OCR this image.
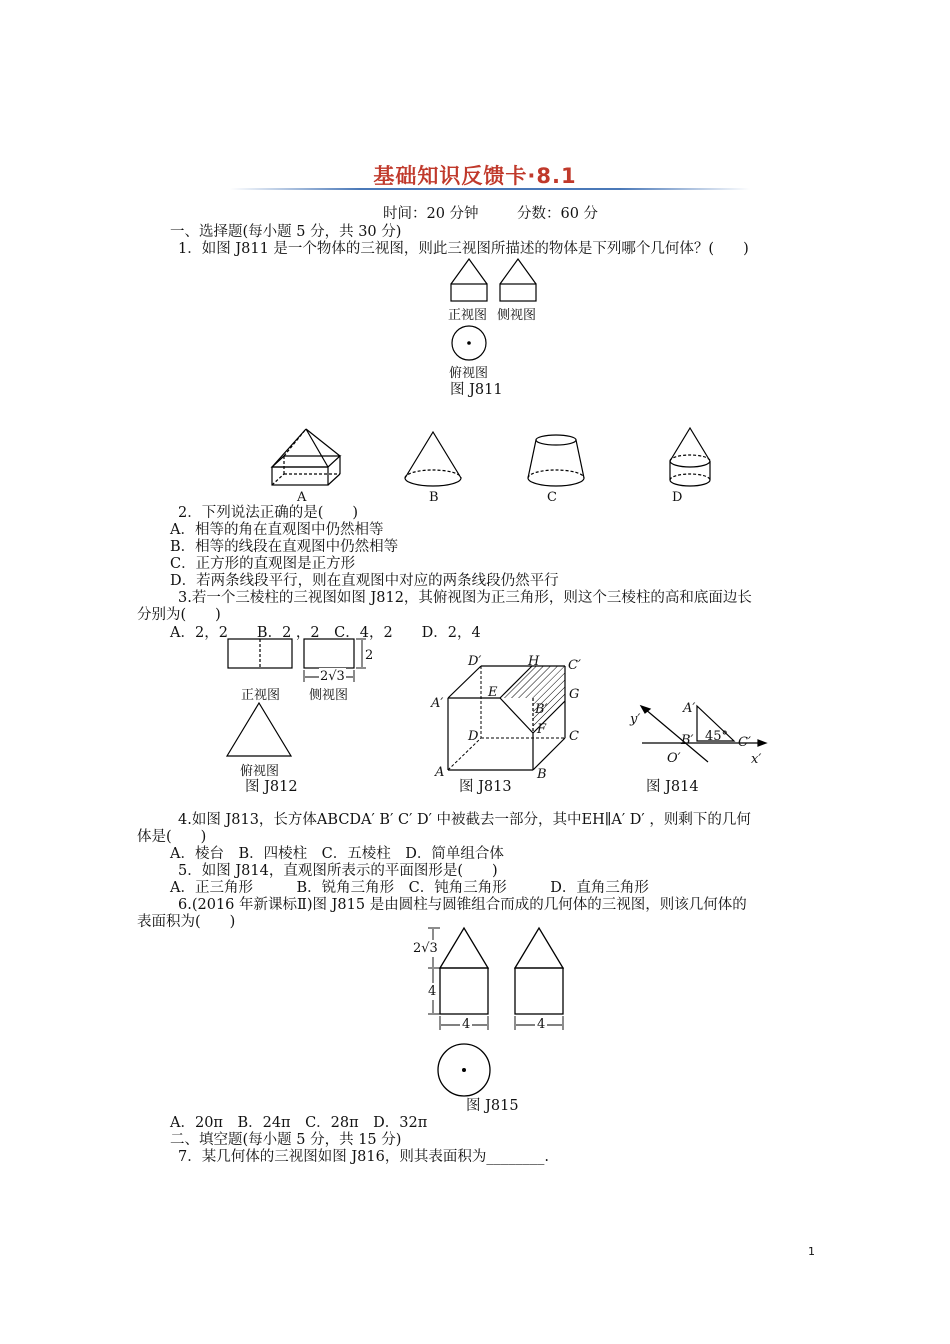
基础知识反馈卡·8.1
时间：20 分钟	分数：60 分
一、选择题(每小题 5 分，共 30 分)
1．如图 J811 是一个物体的三视图，则此三视图所描述的物体是下列哪个几何体？(　　)
正视图 侧视图
俯视图
图 J811
A	B	C	D
2．下列说法正确的是(　　)
A．相等的角在直观图中仍然相等
B．相等的线段在直观图中仍然相等
C．正方形的直观图是正方形
D．若两条线段平行，则在直观图中对应的两条线段仍然平行
3.若一个三棱柱的三视图如图 J812，其俯视图为正三角形，则这个三棱柱的高和底面边长
分别为(　　)
A．2，2　　B．2 ，2　C．4，2　　D．2，4
2
2√3
正视图 侧视图
俯视图
图 J812
D′	H C′
E	G
A′	B′
F
D	C
A	B
图 J813
y′
A′
B′ 45° C′
O′	x′
图 J814
4.如图 J813，长方体ABCDA′ B′ C′ D′ 中被截去一部分，其中EH∥A′ D′ ，则剩下的几何
体是(　　)
A．棱台　B．四棱柱　C．五棱柱　D．简单组合体
5．如图 J814，直观图所表示的平面图形是(　　)
A．正三角形　　　B．锐角三角形　C．钝角三角形　　　D．直角三角形
6.(2016 年新课标Ⅱ)图 J815 是由圆柱与圆锥组合而成的几何体的三视图，则该几何体的
表面积为(　　)
2√3
4
4	4
图 J815
A．20π　B．24π　C．28π　D．32π
二、填空题(每小题 5 分，共 15 分)
7．某几何体的三视图如图 J816，则其表面积为________.
1
